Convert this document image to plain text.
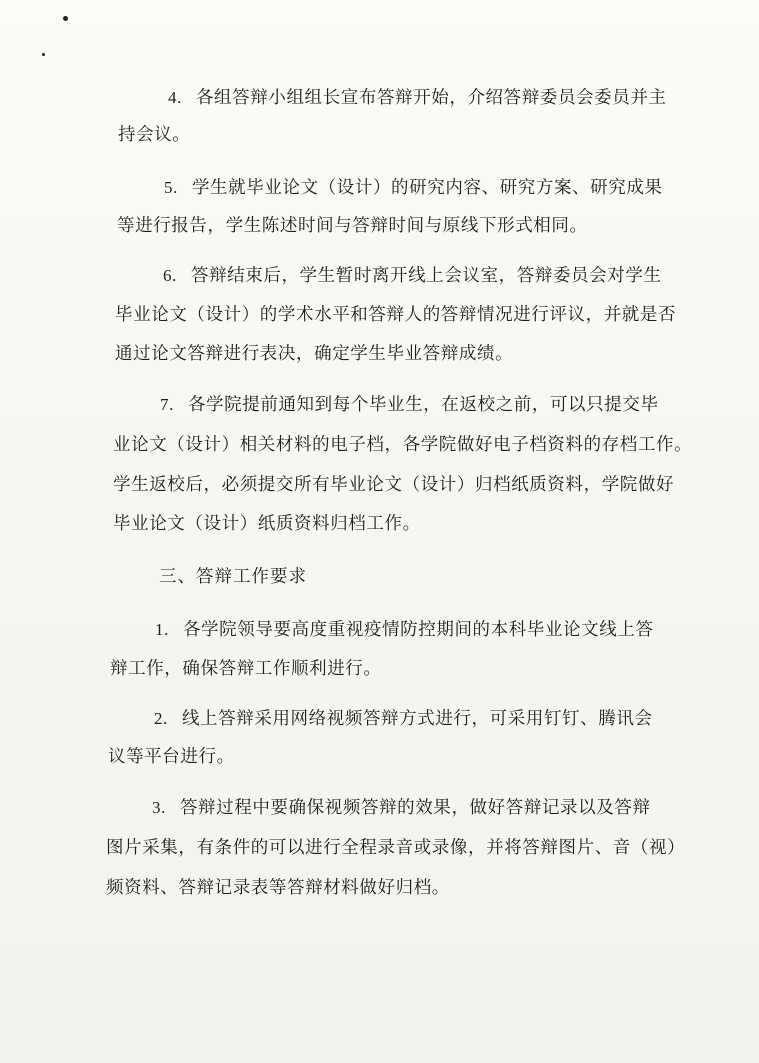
4. 各组答辩小组组长宣布答辩开始，介绍答辩委员会委员并主

持会议。

5. 学生就毕业论文（设计）的研究内容、研究方案、研究成果

等进行报告，学生陈述时间与答辩时间与原线下形式相同。

6. 答辩结束后，学生暂时离开线上会议室，答辩委员会对学生

毕业论文（设计）的学术水平和答辩人的答辩情况进行评议，并就是否

通过论文答辩进行表决，确定学生毕业答辩成绩。

7. 各学院提前通知到每个毕业生，在返校之前，可以只提交毕

业论文（设计）相关材料的电子档，各学院做好电子档资料的存档工作。

学生返校后，必须提交所有毕业论文（设计）归档纸质资料，学院做好

毕业论文（设计）纸质资料归档工作。

三、答辩工作要求

1. 各学院领导要高度重视疫情防控期间的本科毕业论文线上答

辩工作，确保答辩工作顺利进行。

2. 线上答辩采用网络视频答辩方式进行，可采用钉钉、腾讯会

议等平台进行。

3. 答辩过程中要确保视频答辩的效果，做好答辩记录以及答辩

图片采集，有条件的可以进行全程录音或录像，并将答辩图片、音（视）

频资料、答辩记录表等答辩材料做好归档。
